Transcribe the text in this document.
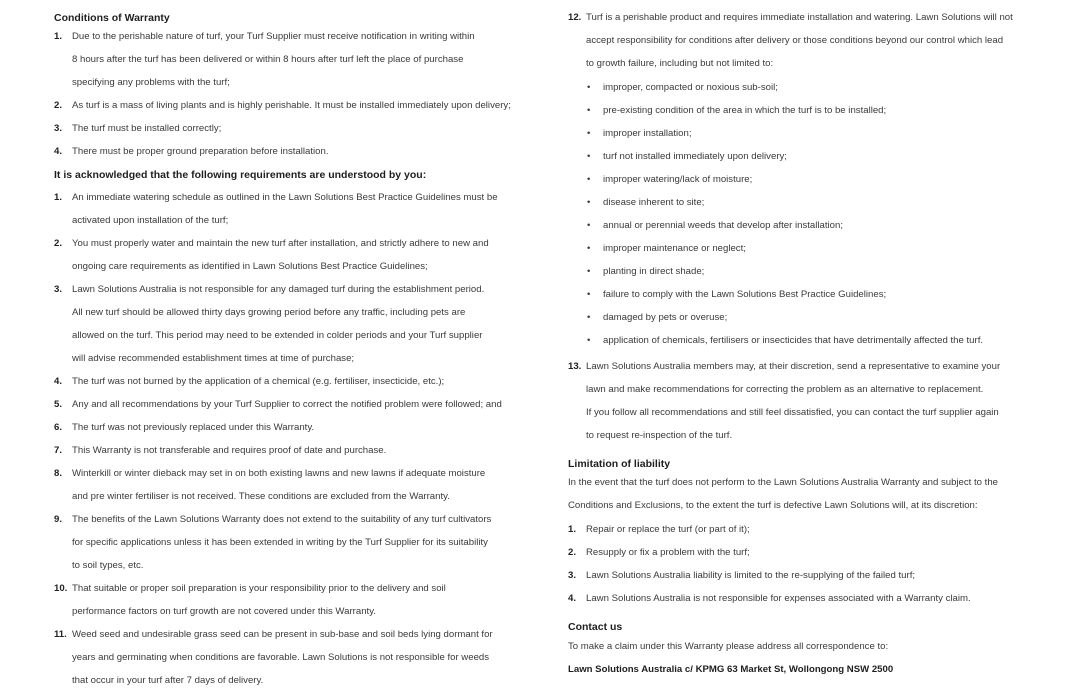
Conditions of Warranty
1.	Due to the perishable nature of turf, your Turf Supplier must receive notification in writing within
8 hours after the turf has been delivered or within 8 hours after turf left the place of purchase
specifying any problems with the turf;
2.	As turf is a mass of living plants and is highly perishable. It must be installed immediately upon delivery;
3.	The turf must be installed correctly;
4.	There must be proper ground preparation before installation.
It is acknowledged that the following requirements are understood by you:
1.	An immediate watering schedule as outlined in the Lawn Solutions Best Practice Guidelines must be
activated upon installation of the turf;
2.	You must properly water and maintain the new turf after installation, and strictly adhere to new and
ongoing care requirements as identified in Lawn Solutions Best Practice Guidelines;
3.	Lawn Solutions Australia is not responsible for any damaged turf during the establishment period.
All new turf should be allowed thirty days growing period before any traffic, including pets are
allowed on the turf. This period may need to be extended in colder periods and your Turf supplier
will advise recommended establishment times at time of purchase;
4.	The turf was not burned by the application of a chemical (e.g. fertiliser, insecticide, etc.);
5.	Any and all recommendations by your Turf Supplier to correct the notified problem were followed; and
6.	The turf was not previously replaced under this Warranty.
7.	This Warranty is not transferable and requires proof of date and purchase.
8.	Winterkill or winter dieback may set in on both existing lawns and new lawns if adequate moisture
and pre winter fertiliser is not received. These conditions are excluded from the Warranty.
9.	The benefits of the Lawn Solutions Warranty does not extend to the suitability of any turf cultivators
for specific applications unless it has been extended in writing by the Turf Supplier for its suitability
to soil types, etc.
10. That suitable or proper soil preparation is your responsibility prior to the delivery and soil
performance factors on turf growth are not covered under this Warranty.
11. Weed seed and undesirable grass seed can be present in sub-base and soil beds lying dormant for
years and germinating when conditions are favorable. Lawn Solutions is not responsible for weeds
that occur in your turf after 7 days of delivery.
12. Turf is a perishable product and requires immediate installation and watering. Lawn Solutions will not
accept responsibility for conditions after delivery or those conditions beyond our control which lead
to growth failure, including but not limited to:
•	improper, compacted or noxious sub-soil;
•	pre-existing condition of the area in which the turf is to be installed;
•	improper installation;
•	turf not installed immediately upon delivery;
•	improper watering/lack of moisture;
•	disease inherent to site;
•	annual or perennial weeds that develop after installation;
•	improper maintenance or neglect;
•	planting in direct shade;
•	failure to comply with the Lawn Solutions Best Practice Guidelines;
•	damaged by pets or overuse;
•	application of chemicals, fertilisers or insecticides that have detrimentally affected the turf.
13. Lawn Solutions Australia members may, at their discretion, send a representative to examine your
lawn and make recommendations for correcting the problem as an alternative to replacement.
If you follow all recommendations and still feel dissatisfied, you can contact the turf supplier again
to request re-inspection of the turf.
Limitation of liability
In the event that the turf does not perform to the Lawn Solutions Australia Warranty and subject to the
Conditions and Exclusions, to the extent the turf is defective Lawn Solutions will, at its discretion:
1.	Repair or replace the turf (or part of it);
2.	Resupply or fix a problem with the turf;
3.	Lawn Solutions Australia liability is limited to the re-supplying of the failed turf;
4.	Lawn Solutions Australia is not responsible for expenses associated with a Warranty claim.
Contact us
To make a claim under this Warranty please address all correspondence to:
Lawn Solutions Australia c/ KPMG 63 Market St, Wollongong NSW 2500
